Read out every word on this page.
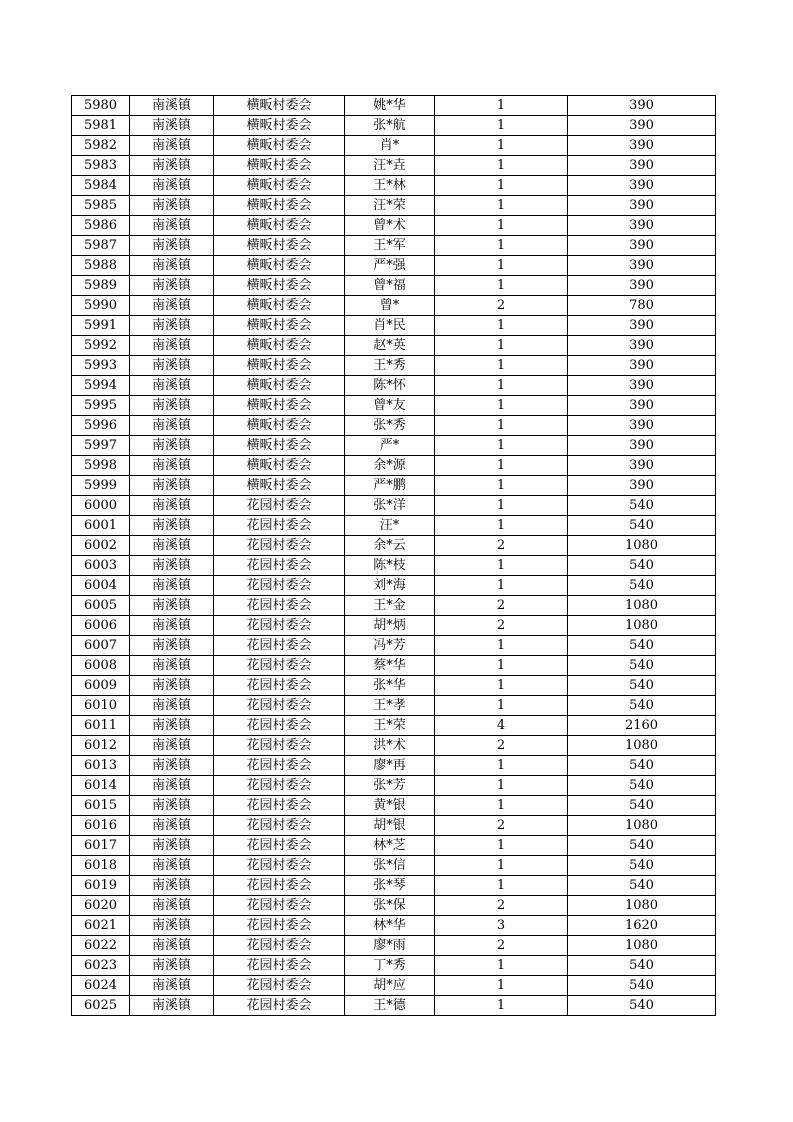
5980	南溪镇	横畈村委会	姚*华	1	390
5981	南溪镇	横畈村委会	张*航	1	390
5982	南溪镇	横畈村委会	肖*	1	390
5983	南溪镇	横畈村委会	汪*垚	1	390
5984	南溪镇	横畈村委会	王*林	1	390
5985	南溪镇	横畈村委会	汪*荣	1	390
5986	南溪镇	横畈村委会	曾*术	1	390
5987	南溪镇	横畈村委会	王*军	1	390
5988	南溪镇	横畈村委会	严*强	1	390
5989	南溪镇	横畈村委会	曾*福	1	390
5990	南溪镇	横畈村委会	曾*	2	780
5991	南溪镇	横畈村委会	肖*民	1	390
5992	南溪镇	横畈村委会	赵*英	1	390
5993	南溪镇	横畈村委会	王*秀	1	390
5994	南溪镇	横畈村委会	陈*怀	1	390
5995	南溪镇	横畈村委会	曾*友	1	390
5996	南溪镇	横畈村委会	张*秀	1	390
5997	南溪镇	横畈村委会	严*	1	390
5998	南溪镇	横畈村委会	余*源	1	390
5999	南溪镇	横畈村委会	严*鹏	1	390
6000	南溪镇	花园村委会	张*洋	1	540
6001	南溪镇	花园村委会	汪*	1	540
6002	南溪镇	花园村委会	余*云	2	1080
6003	南溪镇	花园村委会	陈*枝	1	540
6004	南溪镇	花园村委会	刘*海	1	540
6005	南溪镇	花园村委会	王*金	2	1080
6006	南溪镇	花园村委会	胡*炳	2	1080
6007	南溪镇	花园村委会	冯*芳	1	540
6008	南溪镇	花园村委会	蔡*华	1	540
6009	南溪镇	花园村委会	张*华	1	540
6010	南溪镇	花园村委会	王*孝	1	540
6011	南溪镇	花园村委会	王*荣	4	2160
6012	南溪镇	花园村委会	洪*术	2	1080
6013	南溪镇	花园村委会	廖*再	1	540
6014	南溪镇	花园村委会	张*芳	1	540
6015	南溪镇	花园村委会	黄*银	1	540
6016	南溪镇	花园村委会	胡*银	2	1080
6017	南溪镇	花园村委会	林*芝	1	540
6018	南溪镇	花园村委会	张*信	1	540
6019	南溪镇	花园村委会	张*琴	1	540
6020	南溪镇	花园村委会	张*保	2	1080
6021	南溪镇	花园村委会	林*华	3	1620
6022	南溪镇	花园村委会	廖*雨	2	1080
6023	南溪镇	花园村委会	丁*秀	1	540
6024	南溪镇	花园村委会	胡*应	1	540
6025	南溪镇	花园村委会	王*德	1	540
